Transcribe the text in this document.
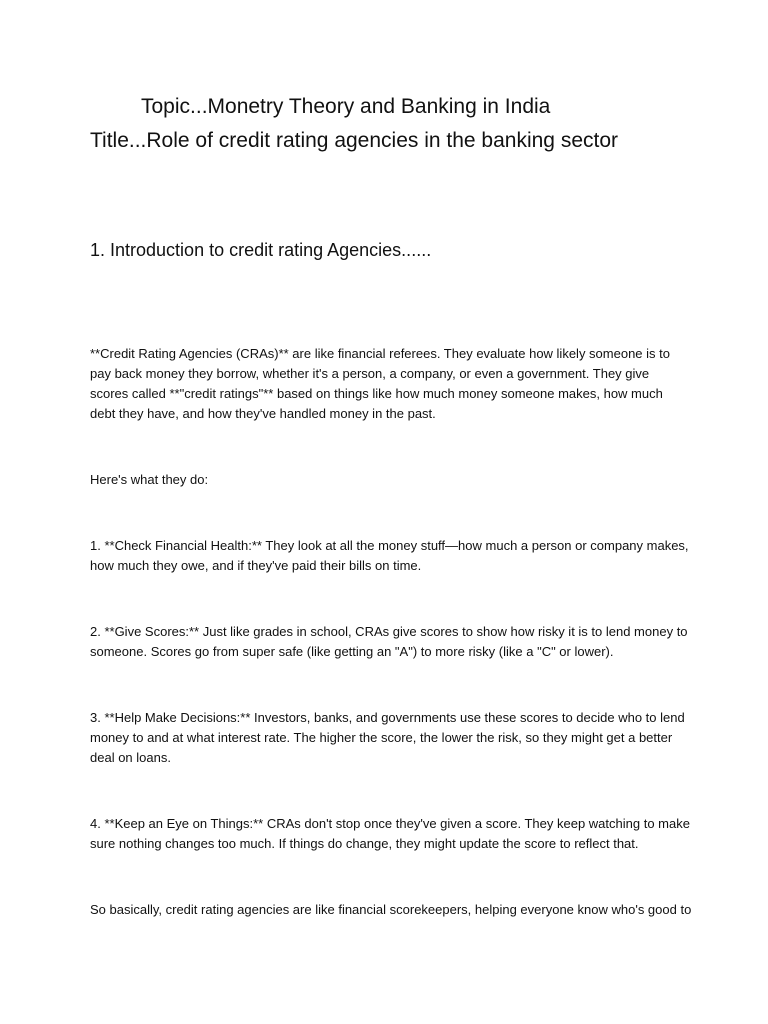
Topic...Monetry Theory and Banking in India
Title...Role of credit rating agencies in the banking sector
1. Introduction to credit rating Agencies......

**Credit Rating Agencies (CRAs)** are like financial referees. They evaluate how likely someone is to pay back money they borrow, whether it's a person, a company, or even a government. They give scores called **"credit ratings"** based on things like how much money someone makes, how much debt they have, and how they've handled money in the past.

Here's what they do:

1. **Check Financial Health:** They look at all the money stuff—how much a person or company makes, how much they owe, and if they've paid their bills on time.

2. **Give Scores:** Just like grades in school, CRAs give scores to show how risky it is to lend money to someone. Scores go from super safe (like getting an "A") to more risky (like a "C" or lower).

3. **Help Make Decisions:** Investors, banks, and governments use these scores to decide who to lend money to and at what interest rate. The higher the score, the lower the risk, so they might get a better deal on loans.

4. **Keep an Eye on Things:** CRAs don't stop once they've given a score. They keep watching to make sure nothing changes too much. If things do change, they might update the score to reflect that.

So basically, credit rating agencies are like financial scorekeepers, helping everyone know who's good to
